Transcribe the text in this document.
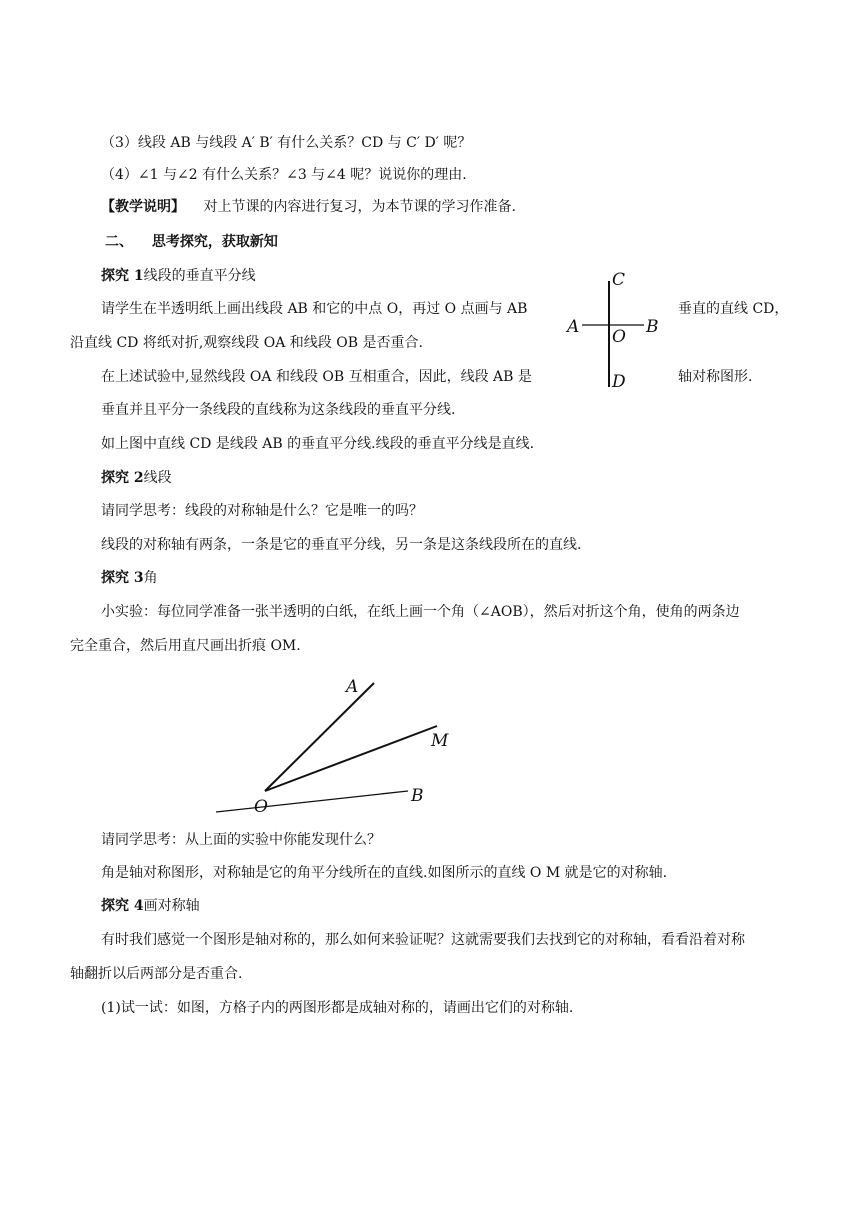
（3）线段 AB 与线段 A′ B′ 有什么关系？CD 与 C′ D′ 呢？
（4）∠1 与∠2 有什么关系？∠3 与∠4 呢？说说你的理由.
【教学说明】 对上节课的内容进行复习，为本节课的学习作准备.
二、 思考探究，获取新知
探究 1线段的垂直平分线
请学生在半透明纸上画出线段 AB 和它的中点 O，再过 O 点画与 AB	垂直的直线 CD，
沿直线 CD 将纸对折,观察线段 OA 和线段 OB 是否重合.
在上述试验中,显然线段 OA 和线段 OB 互相重合，因此，线段 AB 是	轴对称图形.
垂直并且平分一条线段的直线称为这条线段的垂直平分线.
如上图中直线 CD 是线段 AB 的垂直平分线.线段的垂直平分线是直线.
C
A O B
D
探究 2线段
请同学思考：线段的对称轴是什么？它是唯一的吗？
线段的对称轴有两条，一条是它的垂直平分线，另一条是这条线段所在的直线.
探究 3角
小实验：每位同学准备一张半透明的白纸，在纸上画一个角（∠AOB），然后对折这个角，使角的两条边
完全重合，然后用直尺画出折痕 OM.
A
M
B
O
请同学思考：从上面的实验中你能发现什么？
角是轴对称图形，对称轴是它的角平分线所在的直线.如图所示的直线 O M 就是它的对称轴.
探究 4画对称轴
有时我们感觉一个图形是轴对称的，那么如何来验证呢？这就需要我们去找到它的对称轴，看看沿着对称
轴翻折以后两部分是否重合.
(1)试一试：如图，方格子内的两图形都是成轴对称的，请画出它们的对称轴.
